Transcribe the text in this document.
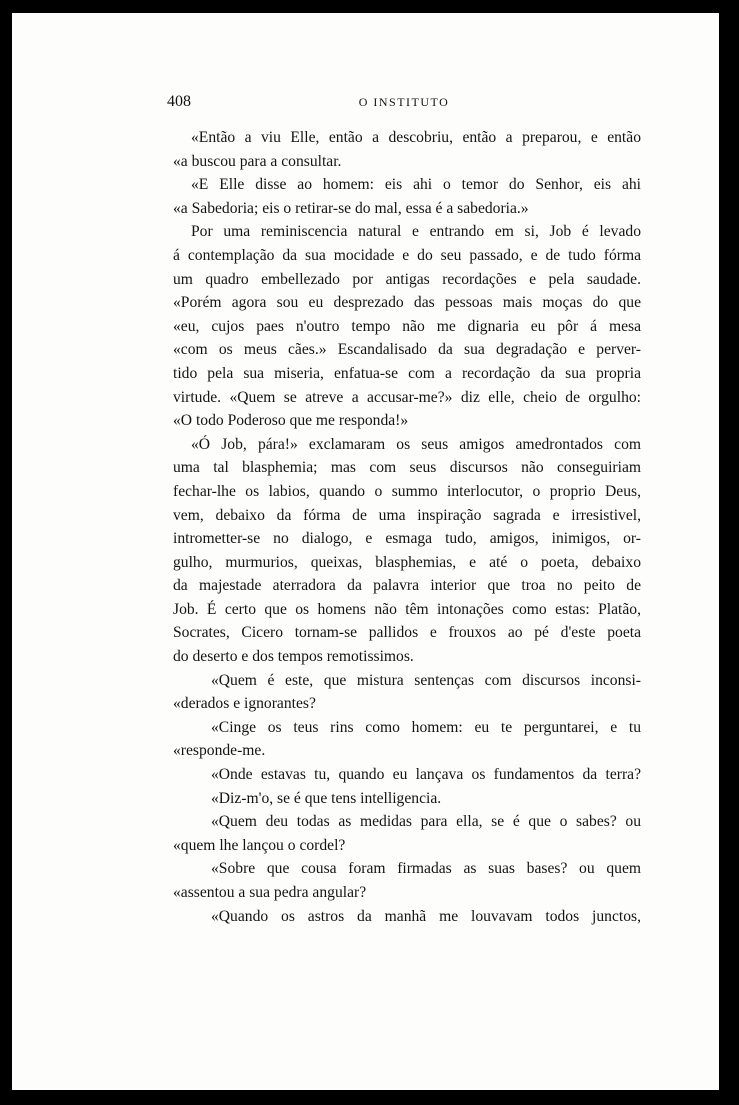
408	O INSTITUTO
«Então a viu Elle, então a descobriu, então a preparou, e então
«a buscou para a consultar.
«E Elle disse ao homem: eis ahi o temor do Senhor, eis ahi
«a Sabedoria; eis o retirar-se do mal, essa é a sabedoria.»
Por uma reminiscencia natural e entrando em si, Job é levado
á contemplação da sua mocidade e do seu passado, e de tudo fórma
um quadro embellezado por antigas recordações e pela saudade.
«Porém agora sou eu desprezado das pessoas mais moças do que
«eu, cujos paes n'outro tempo não me dignaria eu pôr á mesa
«com os meus cães.» Escandalisado da sua degradação e perver-
tido pela sua miseria, enfatua-se com a recordação da sua propria
virtude. «Quem se atreve a accusar-me?» diz elle, cheio de orgulho:
«O todo Poderoso que me responda!»
«Ó Job, pára!» exclamaram os seus amigos amedrontados com
uma tal blasphemia; mas com seus discursos não conseguiriam
fechar-lhe os labios, quando o summo interlocutor, o proprio Deus,
vem, debaixo da fórma de uma inspiração sagrada e irresistivel,
intrometter-se no dialogo, e esmaga tudo, amigos, inimigos, or-
gulho, murmurios, queixas, blasphemias, e até o poeta, debaixo
da majestade aterradora da palavra interior que troa no peito de
Job. É certo que os homens não têm intonações como estas: Platão,
Socrates, Cicero tornam-se pallidos e frouxos ao pé d'este poeta
do deserto e dos tempos remotissimos.
«Quem é este, que mistura sentenças com discursos inconsi-
«derados e ignorantes?
«Cinge os teus rins como homem: eu te perguntarei, e tu
«responde-me.
«Onde estavas tu, quando eu lançava os fundamentos da terra?
«Diz-m'o, se é que tens intelligencia.
«Quem deu todas as medidas para ella, se é que o sabes? ou
«quem lhe lançou o cordel?
«Sobre que cousa foram firmadas as suas bases? ou quem
«assentou a sua pedra angular?
«Quando os astros da manhã me louvavam todos junctos,
